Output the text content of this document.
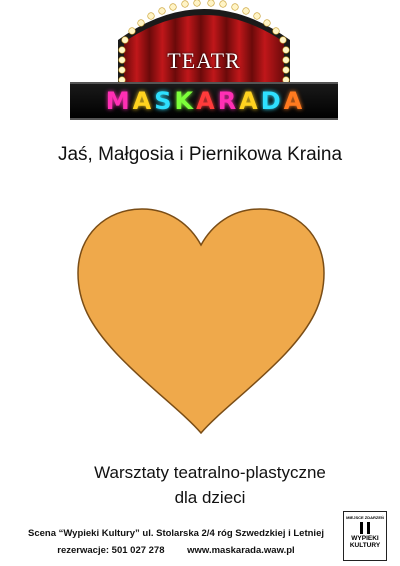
TEATR
M A S K A R A D A
Jaś, Małgosia i Piernikowa Kraina
Warsztaty teatralno-plastyczne
dla dzieci
Scena “Wypieki Kultury” ul. Stolarska 2/4 róg Szwedzkiej i Letniej
rezerwacje: 501 027 278 www.maskarada.waw.pl
MIEJSCE ZDARZEŃ
WYPIEKI
KULTURY
